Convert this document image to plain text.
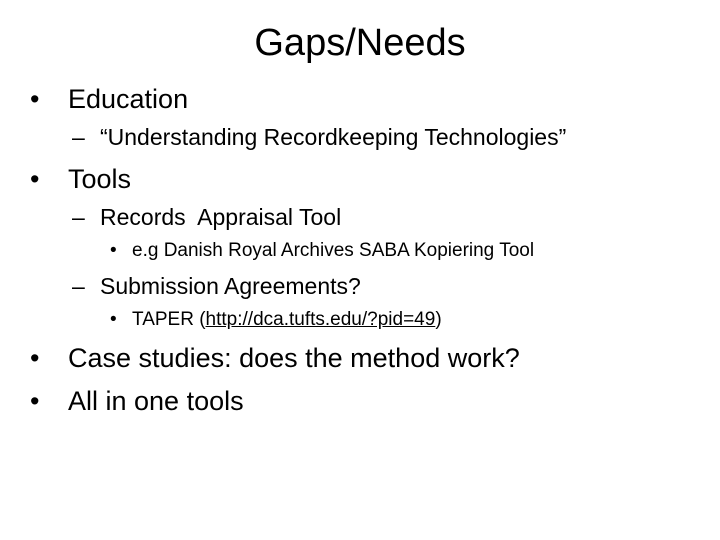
Gaps/Needs
• Education
– “Understanding Recordkeeping Technologies”
• Tools
– Records  Appraisal Tool
• e.g Danish Royal Archives SABA Kopiering Tool
– Submission Agreements?
• TAPER (http://dca.tufts.edu/?pid=49)
• Case studies: does the method work?
• All in one tools
